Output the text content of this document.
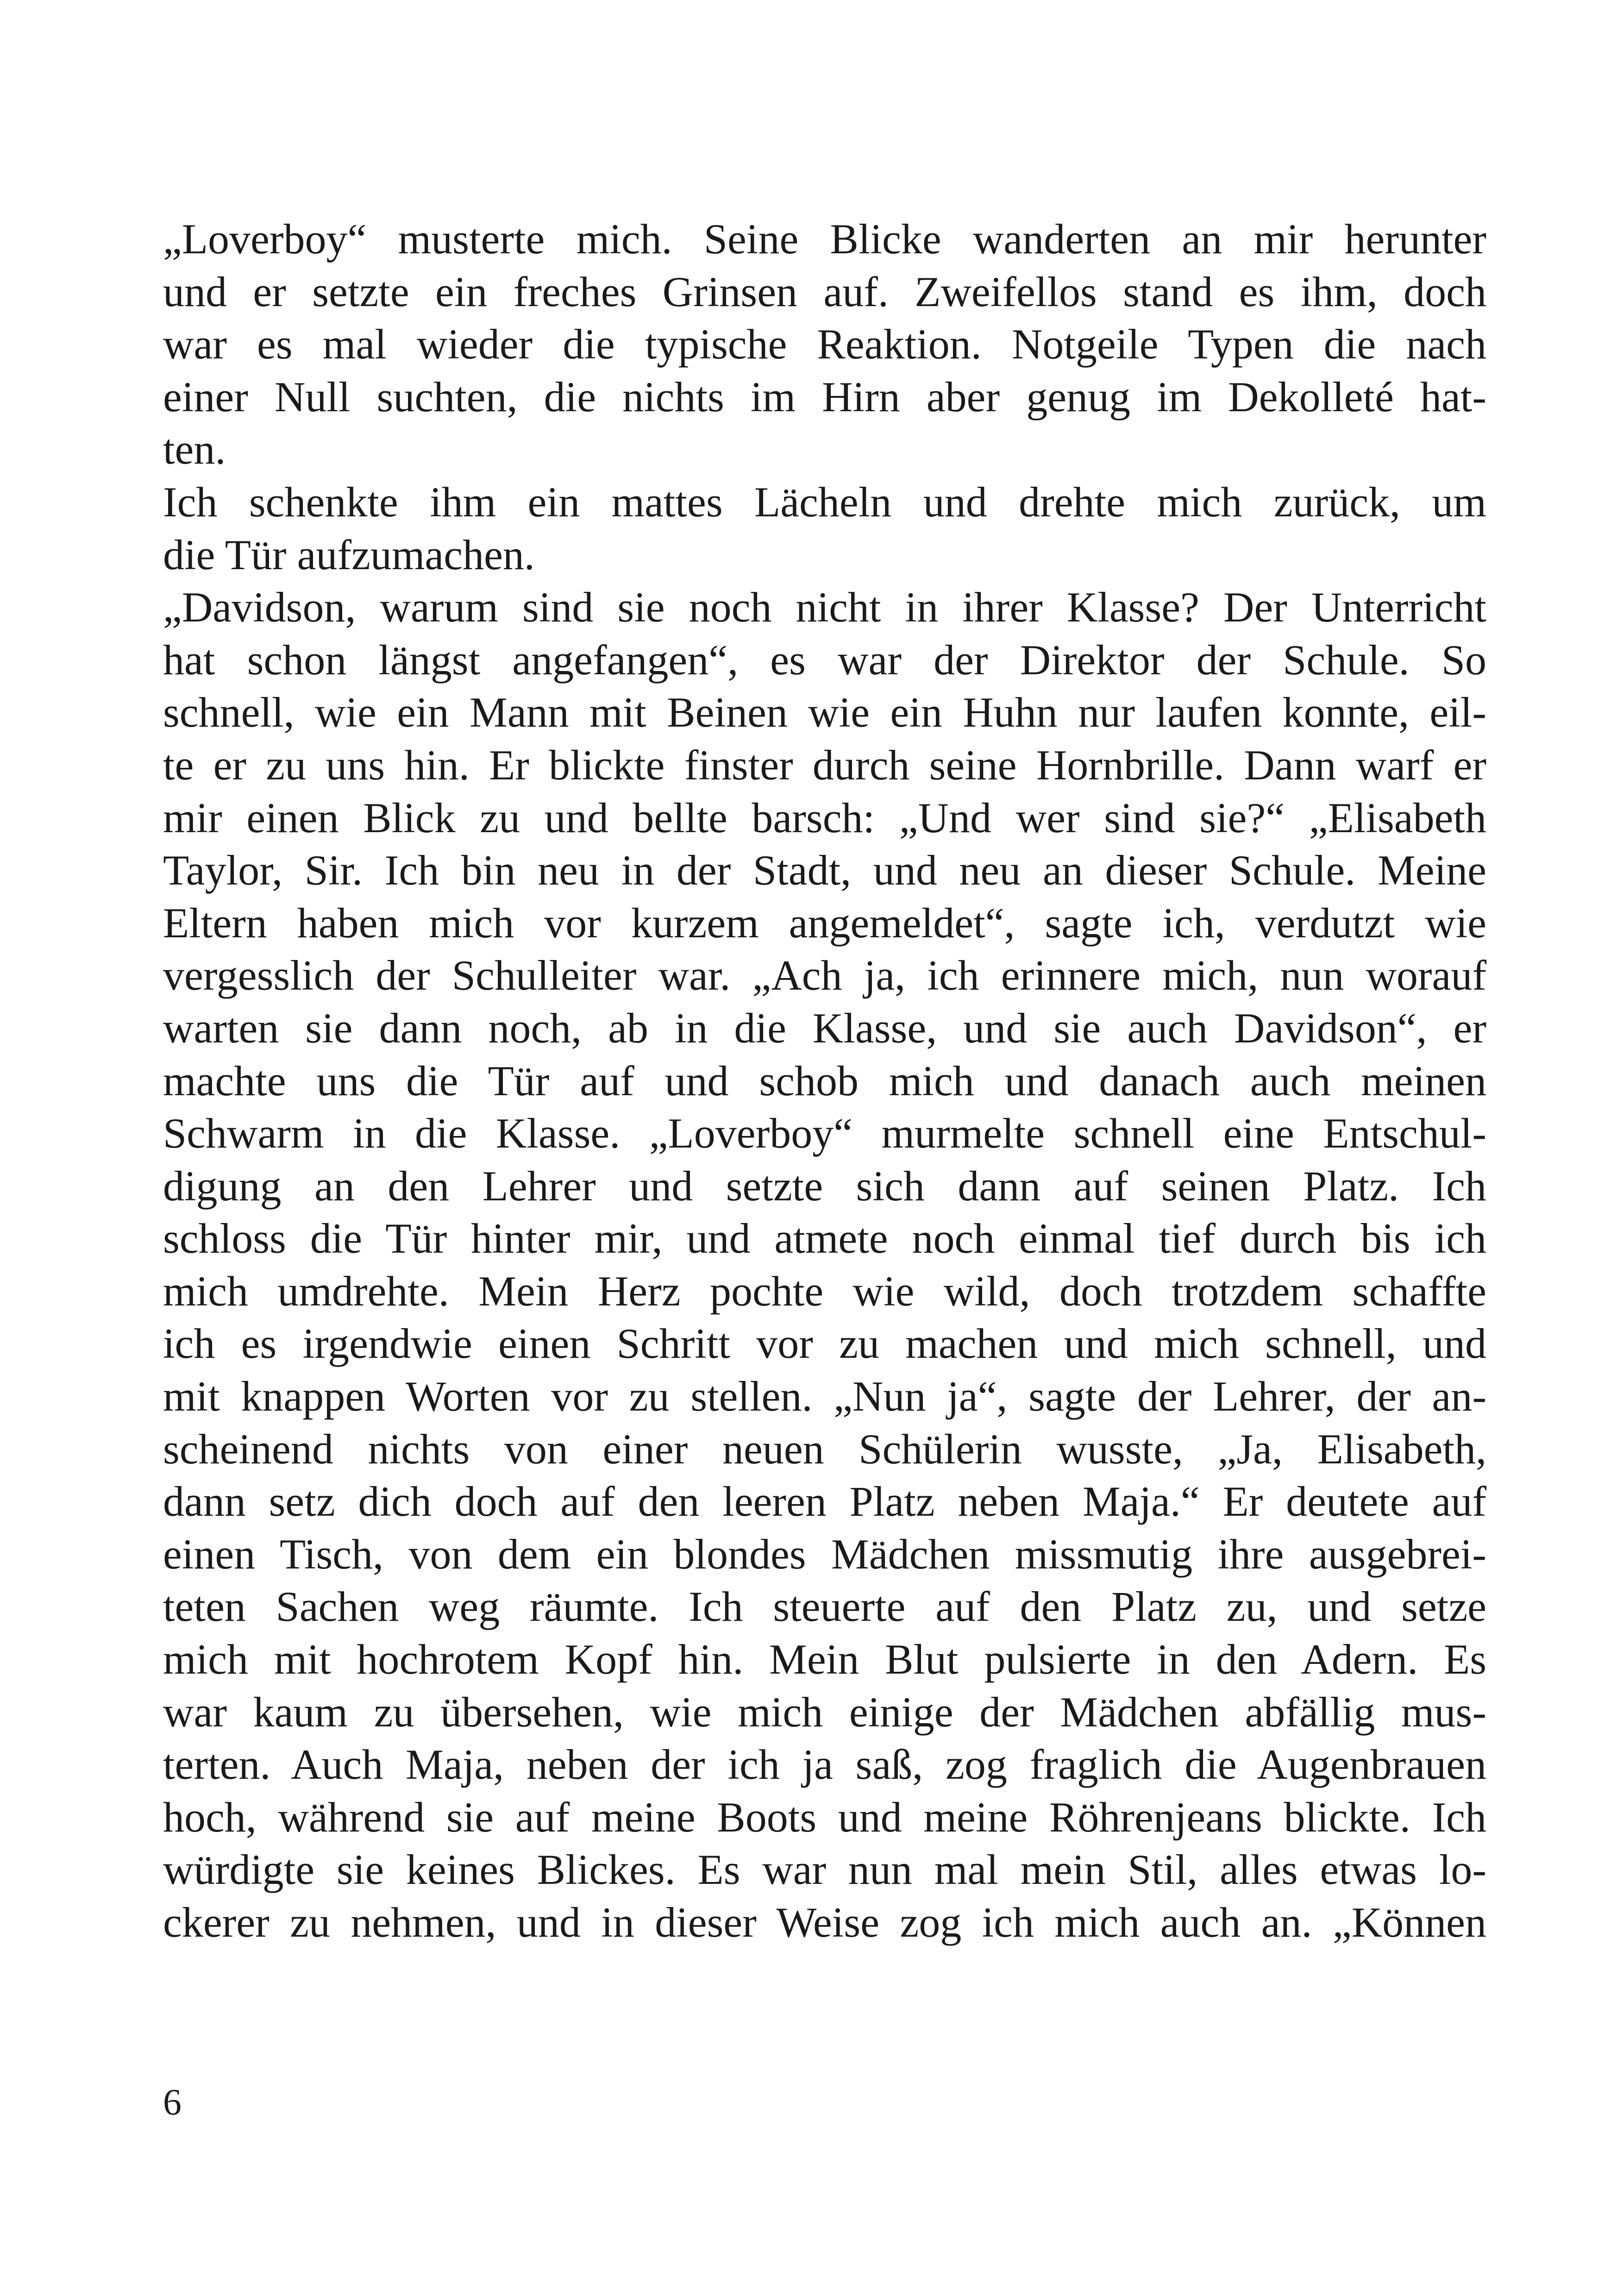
„Loverboy“ musterte mich. Seine Blicke wanderten an mir herunter
und er setzte ein freches Grinsen auf. Zweifellos stand es ihm, doch
war es mal wieder die typische Reaktion. Notgeile Typen die nach
einer Null suchten, die nichts im Hirn aber genug im Dekolleté hat-
ten.
Ich schenkte ihm ein mattes Lächeln und drehte mich zurück, um
die Tür aufzumachen.
„Davidson, warum sind sie noch nicht in ihrer Klasse? Der Unterricht
hat schon längst angefangen“, es war der Direktor der Schule. So
schnell, wie ein Mann mit Beinen wie ein Huhn nur laufen konnte, eil-
te er zu uns hin. Er blickte finster durch seine Hornbrille. Dann warf er
mir einen Blick zu und bellte barsch: „Und wer sind sie?“ „Elisabeth
Taylor, Sir. Ich bin neu in der Stadt, und neu an dieser Schule. Meine
Eltern haben mich vor kurzem angemeldet“, sagte ich, verdutzt wie
vergesslich der Schulleiter war. „Ach ja, ich erinnere mich, nun worauf
warten sie dann noch, ab in die Klasse, und sie auch Davidson“, er
machte uns die Tür auf und schob mich und danach auch meinen
Schwarm in die Klasse. „Loverboy“ murmelte schnell eine Entschul-
digung an den Lehrer und setzte sich dann auf seinen Platz. Ich
schloss die Tür hinter mir, und atmete noch einmal tief durch bis ich
mich umdrehte. Mein Herz pochte wie wild, doch trotzdem schaffte
ich es irgendwie einen Schritt vor zu machen und mich schnell, und
mit knappen Worten vor zu stellen. „Nun ja“, sagte der Lehrer, der an-
scheinend nichts von einer neuen Schülerin wusste, „Ja, Elisabeth,
dann setz dich doch auf den leeren Platz neben Maja.“ Er deutete auf
einen Tisch, von dem ein blondes Mädchen missmutig ihre ausgebrei-
teten Sachen weg räumte. Ich steuerte auf den Platz zu, und setze
mich mit hochrotem Kopf hin. Mein Blut pulsierte in den Adern. Es
war kaum zu übersehen, wie mich einige der Mädchen abfällig mus-
terten. Auch Maja, neben der ich ja saß, zog fraglich die Augenbrauen
hoch, während sie auf meine Boots und meine Röhrenjeans blickte. Ich
würdigte sie keines Blickes. Es war nun mal mein Stil, alles etwas lo-
ckerer zu nehmen, und in dieser Weise zog ich mich auch an. „Können
6
